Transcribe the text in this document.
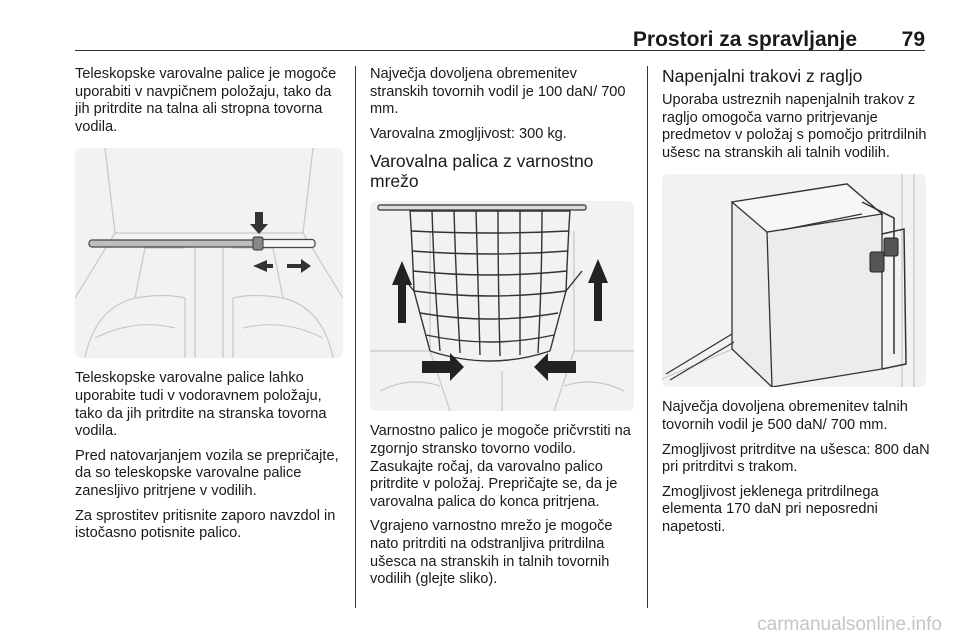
Prostori za spravljanje 79

Teleskopske varovalne palice je mogoče uporabiti v navpičnem položaju, tako da jih pritrdite na talna ali stropna tovorna vodila.

Teleskopske varovalne palice lahko uporabite tudi v vodoravnem položaju, tako da jih pritrdite na stranska tovorna vodila.

Pred natovarjanjem vozila se prepričajte, da so teleskopske varovalne palice zanesljivo pritrjene v vodilih.

Za sprostitev pritisnite zaporo navzdol in istočasno potisnite palico.

Največja dovoljena obremenitev stranskih tovornih vodil je 100 daN/ 700 mm.

Varovalna zmogljivost: 300 kg.

Varovalna palica z varnostno mrežo

Varnostno palico je mogoče pričvrstiti na zgornjo stransko tovorno vodilo. Zasukajte ročaj, da varovalno palico pritrdite v položaj. Prepričajte se, da je varovalna palica do konca pritrjena.

Vgrajeno varnostno mrežo je mogoče nato pritrditi na odstranljiva pritrdilna ušesca na stranskih in talnih tovornih vodilih (glejte sliko).

Napenjalni trakovi z ragljo

Uporaba ustreznih napenjalnih trakov z ragljo omogoča varno pritrjevanje predmetov v položaj s pomočjo pritrdilnih ušesc na stranskih ali talnih vodilih.

Največja dovoljena obremenitev talnih tovornih vodil je 500 daN/ 700 mm.

Zmogljivost pritrditve na ušesca: 800 daN pri pritrditvi s trakom.

Zmogljivost jeklenega pritrdilnega elementa 170 daN pri neposredni napetosti.

carmanualsonline.info
